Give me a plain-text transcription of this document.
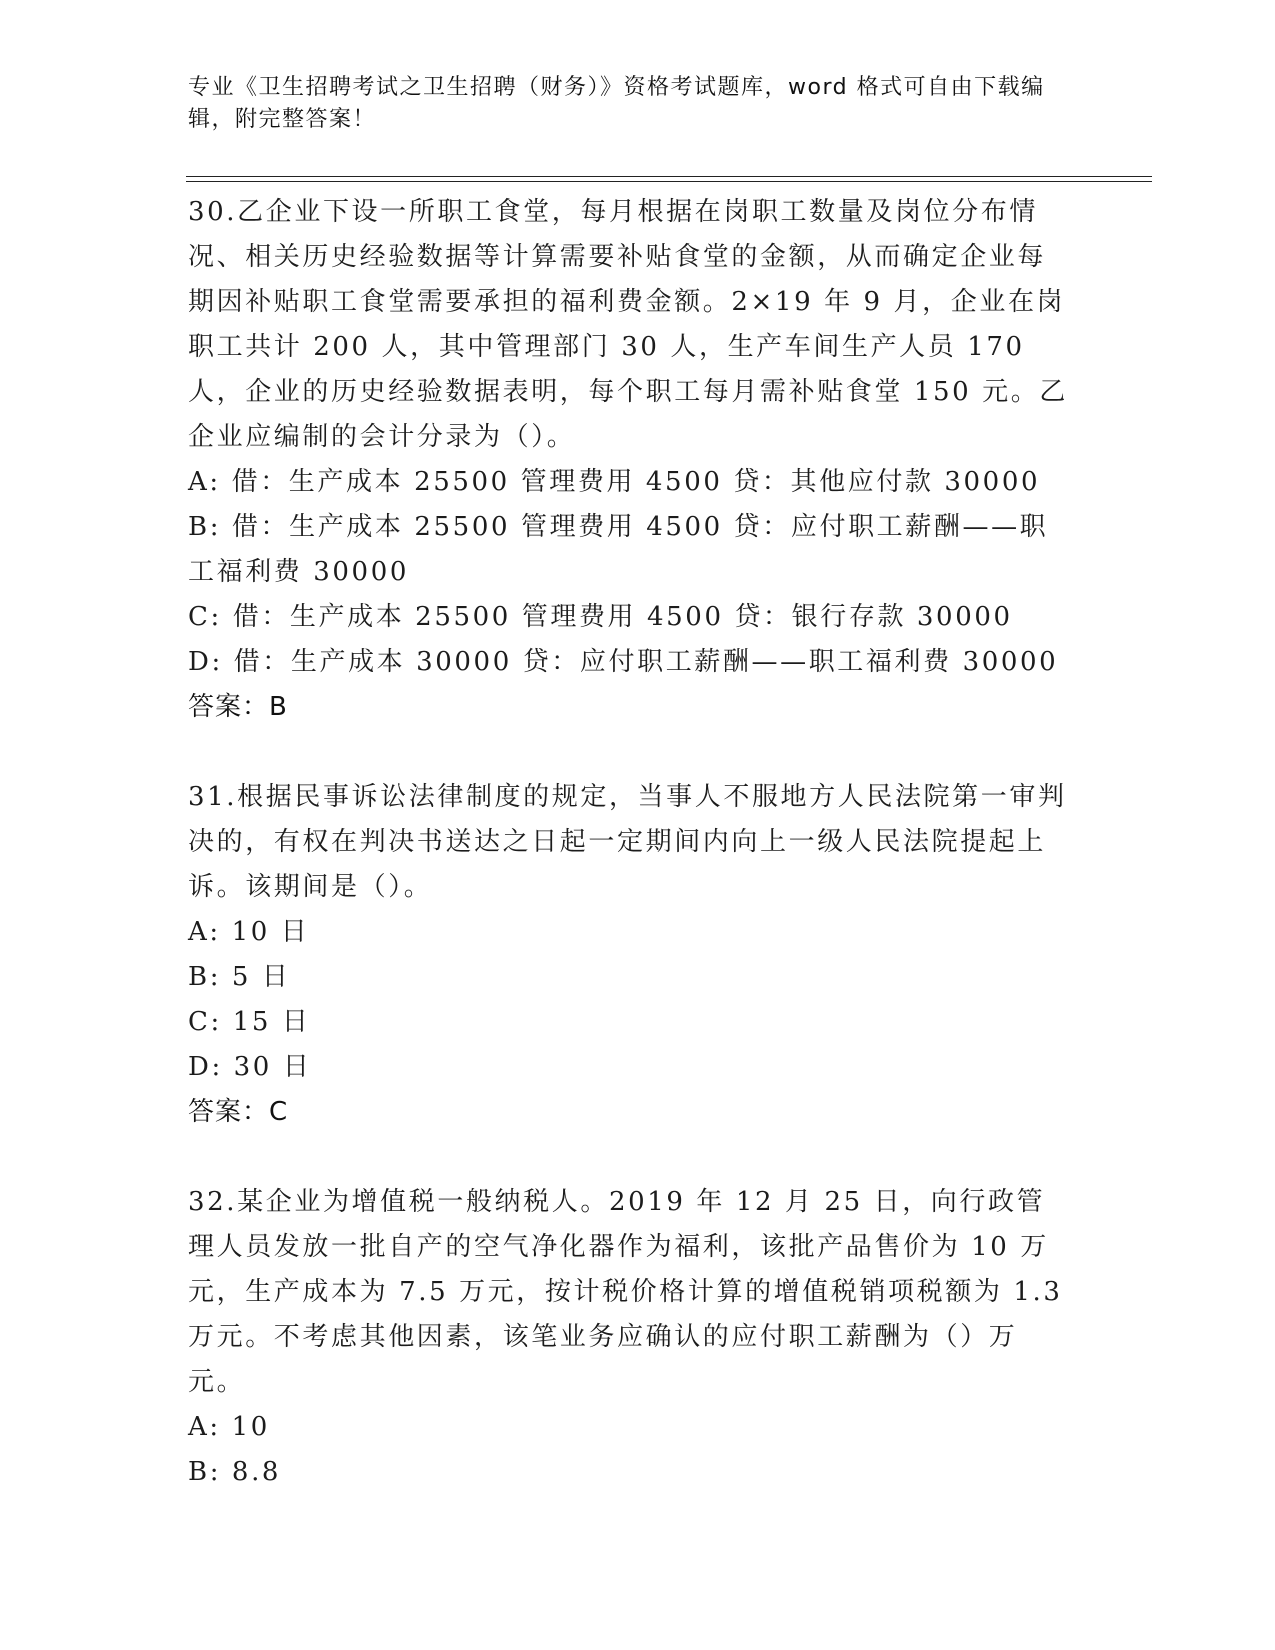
专业《卫生招聘考试之卫生招聘（财务）》资格考试题库，word 格式可自由下载编辑，附完整答案！

30.乙企业下设一所职工食堂，每月根据在岗职工数量及岗位分布情况、相关历史经验数据等计算需要补贴食堂的金额，从而确定企业每期因补贴职工食堂需要承担的福利费金额。2×19 年 9 月，企业在岗职工共计 200 人，其中管理部门 30 人，生产车间生产人员 170 人，企业的历史经验数据表明，每个职工每月需补贴食堂 150 元。乙企业应编制的会计分录为（）。

A: 借：生产成本 25500 管理费用 4500 贷：其他应付款 30000

B: 借：生产成本 25500 管理费用 4500 贷：应付职工薪酬——职工福利费 30000

C: 借：生产成本 25500 管理费用 4500 贷：银行存款 30000

D: 借：生产成本 30000 贷：应付职工薪酬——职工福利费 30000

答案：B

31.根据民事诉讼法律制度的规定，当事人不服地方人民法院第一审判决的，有权在判决书送达之日起一定期间内向上一级人民法院提起上诉。该期间是（）。

A: 10 日

B: 5 日

C: 15 日

D: 30 日

答案：C

32.某企业为增值税一般纳税人。2019 年 12 月 25 日，向行政管理人员发放一批自产的空气净化器作为福利，该批产品售价为 10 万元，生产成本为 7.5 万元，按计税价格计算的增值税销项税额为 1.3 万元。不考虑其他因素，该笔业务应确认的应付职工薪酬为（）万元。

A: 10

B: 8.8
